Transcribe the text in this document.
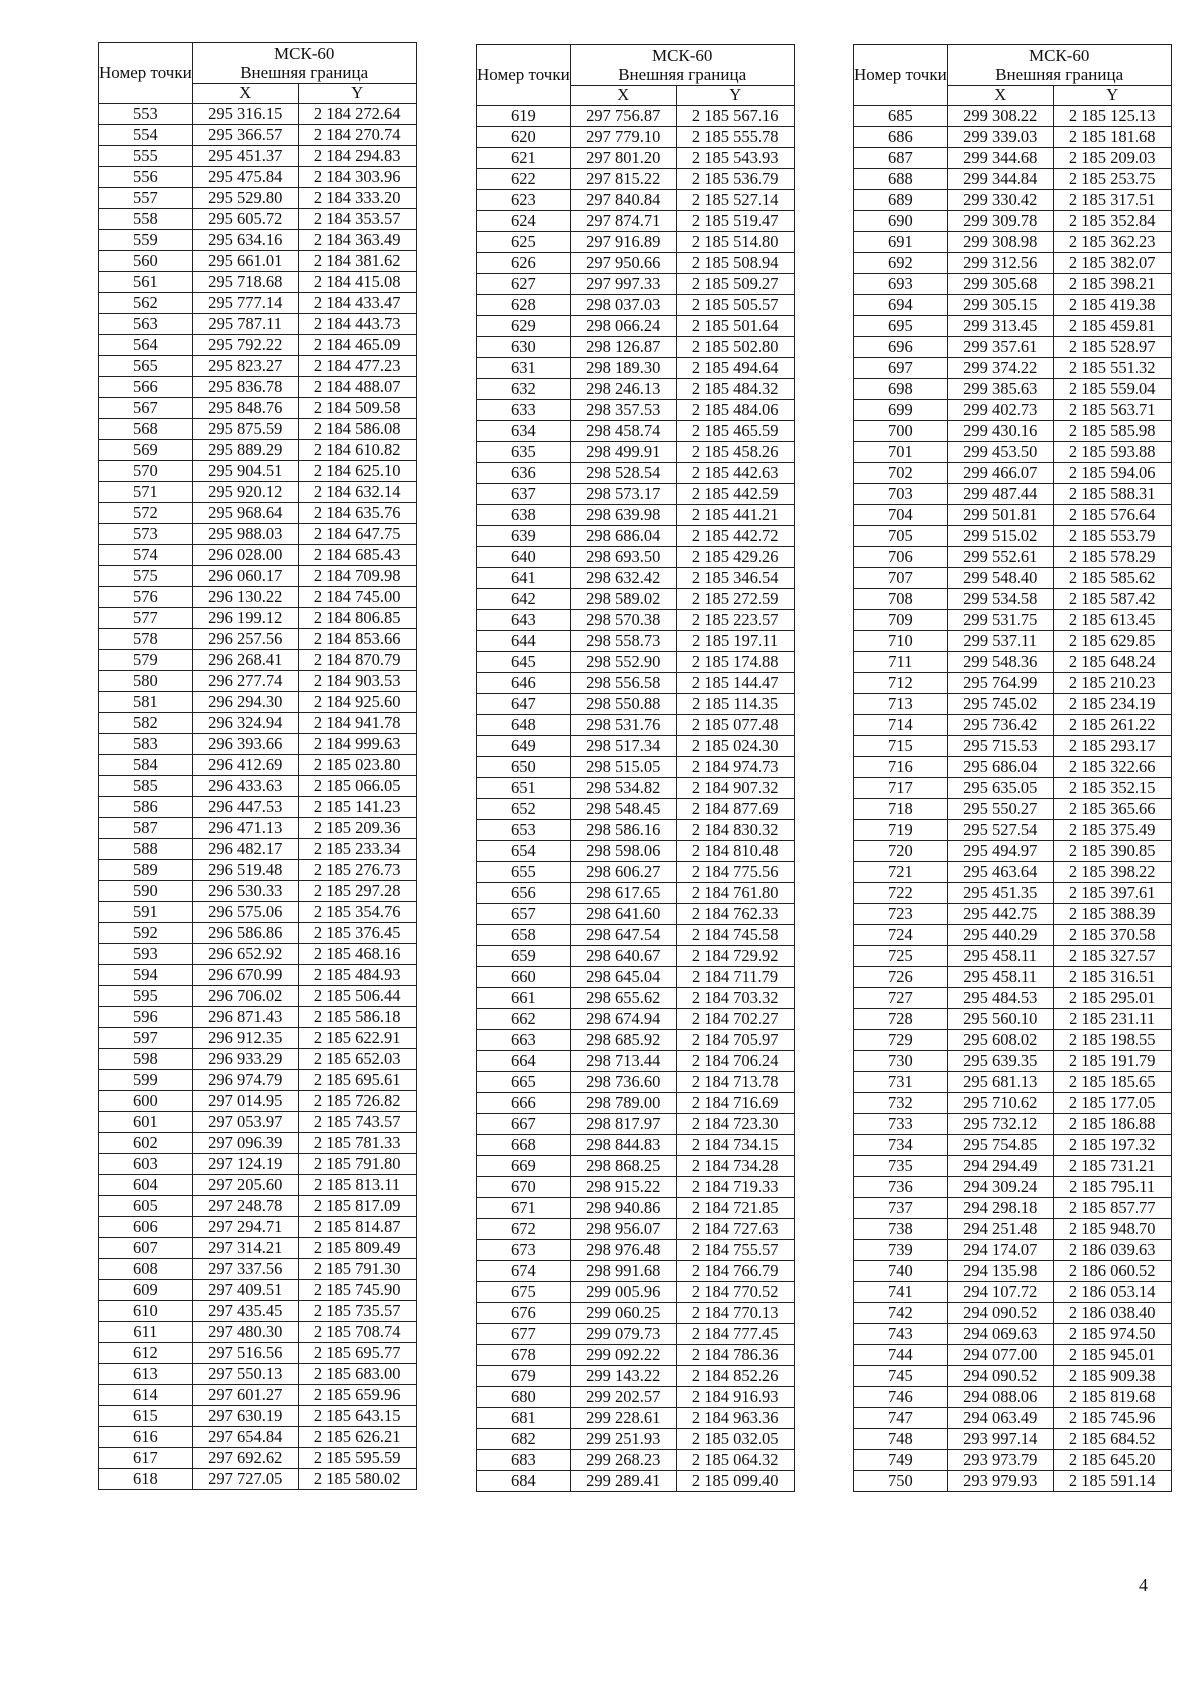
Номер точки	МСК-60
Внешняя граница	

	X	Y
553	295 316.15	2 184 272.64
554	295 366.57	2 184 270.74
555	295 451.37	2 184 294.83
556	295 475.84	2 184 303.96
557	295 529.80	2 184 333.20
558	295 605.72	2 184 353.57
559	295 634.16	2 184 363.49
560	295 661.01	2 184 381.62
561	295 718.68	2 184 415.08
562	295 777.14	2 184 433.47
563	295 787.11	2 184 443.73
564	295 792.22	2 184 465.09
565	295 823.27	2 184 477.23
566	295 836.78	2 184 488.07
567	295 848.76	2 184 509.58
568	295 875.59	2 184 586.08
569	295 889.29	2 184 610.82
570	295 904.51	2 184 625.10
571	295 920.12	2 184 632.14
572	295 968.64	2 184 635.76
573	295 988.03	2 184 647.75
574	296 028.00	2 184 685.43
575	296 060.17	2 184 709.98
576	296 130.22	2 184 745.00
577	296 199.12	2 184 806.85
578	296 257.56	2 184 853.66
579	296 268.41	2 184 870.79
580	296 277.74	2 184 903.53
581	296 294.30	2 184 925.60
582	296 324.94	2 184 941.78
583	296 393.66	2 184 999.63
584	296 412.69	2 185 023.80
585	296 433.63	2 185 066.05
586	296 447.53	2 185 141.23
587	296 471.13	2 185 209.36
588	296 482.17	2 185 233.34
589	296 519.48	2 185 276.73
590	296 530.33	2 185 297.28
591	296 575.06	2 185 354.76
592	296 586.86	2 185 376.45
593	296 652.92	2 185 468.16
594	296 670.99	2 185 484.93
595	296 706.02	2 185 506.44
596	296 871.43	2 185 586.18
597	296 912.35	2 185 622.91
598	296 933.29	2 185 652.03
599	296 974.79	2 185 695.61
600	297 014.95	2 185 726.82
601	297 053.97	2 185 743.57
602	297 096.39	2 185 781.33
603	297 124.19	2 185 791.80
604	297 205.60	2 185 813.11
605	297 248.78	2 185 817.09
606	297 294.71	2 185 814.87
607	297 314.21	2 185 809.49
608	297 337.56	2 185 791.30
609	297 409.51	2 185 745.90
610	297 435.45	2 185 735.57
611	297 480.30	2 185 708.74
612	297 516.56	2 185 695.77
613	297 550.13	2 185 683.00
614	297 601.27	2 185 659.96
615	297 630.19	2 185 643.15
616	297 654.84	2 185 626.21
617	297 692.62	2 185 595.59
618	297 727.05	2 185 580.02
Номер точки	МСК-60
Внешняя граница	

	X	Y
619	297 756.87	2 185 567.16
620	297 779.10	2 185 555.78
621	297 801.20	2 185 543.93
622	297 815.22	2 185 536.79
623	297 840.84	2 185 527.14
624	297 874.71	2 185 519.47
625	297 916.89	2 185 514.80
626	297 950.66	2 185 508.94
627	297 997.33	2 185 509.27
628	298 037.03	2 185 505.57
629	298 066.24	2 185 501.64
630	298 126.87	2 185 502.80
631	298 189.30	2 185 494.64
632	298 246.13	2 185 484.32
633	298 357.53	2 185 484.06
634	298 458.74	2 185 465.59
635	298 499.91	2 185 458.26
636	298 528.54	2 185 442.63
637	298 573.17	2 185 442.59
638	298 639.98	2 185 441.21
639	298 686.04	2 185 442.72
640	298 693.50	2 185 429.26
641	298 632.42	2 185 346.54
642	298 589.02	2 185 272.59
643	298 570.38	2 185 223.57
644	298 558.73	2 185 197.11
645	298 552.90	2 185 174.88
646	298 556.58	2 185 144.47
647	298 550.88	2 185 114.35
648	298 531.76	2 185 077.48
649	298 517.34	2 185 024.30
650	298 515.05	2 184 974.73
651	298 534.82	2 184 907.32
652	298 548.45	2 184 877.69
653	298 586.16	2 184 830.32
654	298 598.06	2 184 810.48
655	298 606.27	2 184 775.56
656	298 617.65	2 184 761.80
657	298 641.60	2 184 762.33
658	298 647.54	2 184 745.58
659	298 640.67	2 184 729.92
660	298 645.04	2 184 711.79
661	298 655.62	2 184 703.32
662	298 674.94	2 184 702.27
663	298 685.92	2 184 705.97
664	298 713.44	2 184 706.24
665	298 736.60	2 184 713.78
666	298 789.00	2 184 716.69
667	298 817.97	2 184 723.30
668	298 844.83	2 184 734.15
669	298 868.25	2 184 734.28
670	298 915.22	2 184 719.33
671	298 940.86	2 184 721.85
672	298 956.07	2 184 727.63
673	298 976.48	2 184 755.57
674	298 991.68	2 184 766.79
675	299 005.96	2 184 770.52
676	299 060.25	2 184 770.13
677	299 079.73	2 184 777.45
678	299 092.22	2 184 786.36
679	299 143.22	2 184 852.26
680	299 202.57	2 184 916.93
681	299 228.61	2 184 963.36
682	299 251.93	2 185 032.05
683	299 268.23	2 185 064.32
684	299 289.41	2 185 099.40
Номер точки	МСК-60
Внешняя граница	

	X	Y
685	299 308.22	2 185 125.13
686	299 339.03	2 185 181.68
687	299 344.68	2 185 209.03
688	299 344.84	2 185 253.75
689	299 330.42	2 185 317.51
690	299 309.78	2 185 352.84
691	299 308.98	2 185 362.23
692	299 312.56	2 185 382.07
693	299 305.68	2 185 398.21
694	299 305.15	2 185 419.38
695	299 313.45	2 185 459.81
696	299 357.61	2 185 528.97
697	299 374.22	2 185 551.32
698	299 385.63	2 185 559.04
699	299 402.73	2 185 563.71
700	299 430.16	2 185 585.98
701	299 453.50	2 185 593.88
702	299 466.07	2 185 594.06
703	299 487.44	2 185 588.31
704	299 501.81	2 185 576.64
705	299 515.02	2 185 553.79
706	299 552.61	2 185 578.29
707	299 548.40	2 185 585.62
708	299 534.58	2 185 587.42
709	299 531.75	2 185 613.45
710	299 537.11	2 185 629.85
711	299 548.36	2 185 648.24
712	295 764.99	2 185 210.23
713	295 745.02	2 185 234.19
714	295 736.42	2 185 261.22
715	295 715.53	2 185 293.17
716	295 686.04	2 185 322.66
717	295 635.05	2 185 352.15
718	295 550.27	2 185 365.66
719	295 527.54	2 185 375.49
720	295 494.97	2 185 390.85
721	295 463.64	2 185 398.22
722	295 451.35	2 185 397.61
723	295 442.75	2 185 388.39
724	295 440.29	2 185 370.58
725	295 458.11	2 185 327.57
726	295 458.11	2 185 316.51
727	295 484.53	2 185 295.01
728	295 560.10	2 185 231.11
729	295 608.02	2 185 198.55
730	295 639.35	2 185 191.79
731	295 681.13	2 185 185.65
732	295 710.62	2 185 177.05
733	295 732.12	2 185 186.88
734	295 754.85	2 185 197.32
735	294 294.49	2 185 731.21
736	294 309.24	2 185 795.11
737	294 298.18	2 185 857.77
738	294 251.48	2 185 948.70
739	294 174.07	2 186 039.63
740	294 135.98	2 186 060.52
741	294 107.72	2 186 053.14
742	294 090.52	2 186 038.40
743	294 069.63	2 185 974.50
744	294 077.00	2 185 945.01
745	294 090.52	2 185 909.38
746	294 088.06	2 185 819.68
747	294 063.49	2 185 745.96
748	293 997.14	2 185 684.52
749	293 973.79	2 185 645.20
750	293 979.93	2 185 591.14
4
